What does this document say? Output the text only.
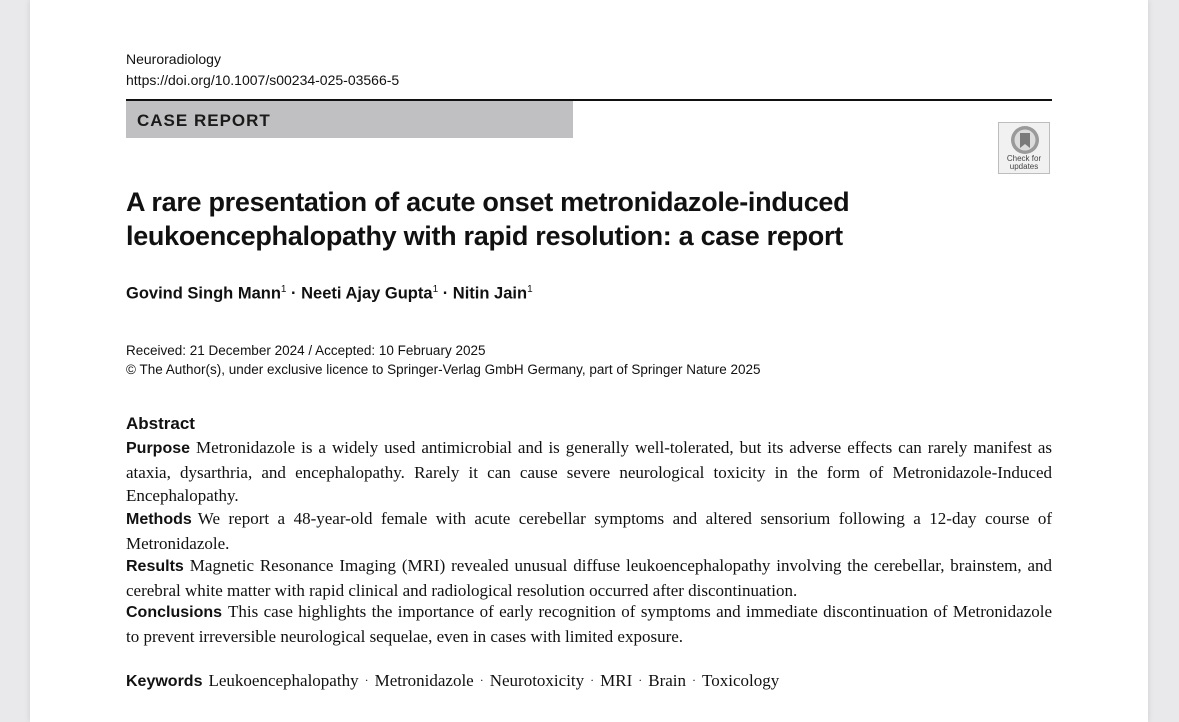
Neuroradiology
https://doi.org/10.1007/s00234-025-03566-5
CASE REPORT
Check for
updates
A rare presentation of acute onset metronidazole-induced
leukoencephalopathy with rapid resolution: a case report
Govind Singh Mann$^1$ · Neeti Ajay Gupta$^1$ · Nitin Jain$^1$
Received: 21 December 2024 / Accepted: 10 February 2025
© The Author(s), under exclusive licence to Springer-Verlag GmbH Germany, part of Springer Nature 2025
Abstract
Purpose Metronidazole is a widely used antimicrobial and is generally well-tolerated, but its adverse effects can rarely manifest as ataxia, dysarthria, and encephalopathy. Rarely it can cause severe neurological toxicity in the form of Metronidazole-Induced Encephalopathy.
Methods We report a 48-year-old female with acute cerebellar symptoms and altered sensorium following a 12-day course of Metronidazole.
Results Magnetic Resonance Imaging (MRI) revealed unusual diffuse leukoencephalopathy involving the cerebellar, brainstem, and cerebral white matter with rapid clinical and radiological resolution occurred after discontinuation.
Conclusions This case highlights the importance of early recognition of symptoms and immediate discontinuation of Metronidazole to prevent irreversible neurological sequelae, even in cases with limited exposure.
Keywords Leukoencephalopathy · Metronidazole · Neurotoxicity · MRI · Brain · Toxicology
